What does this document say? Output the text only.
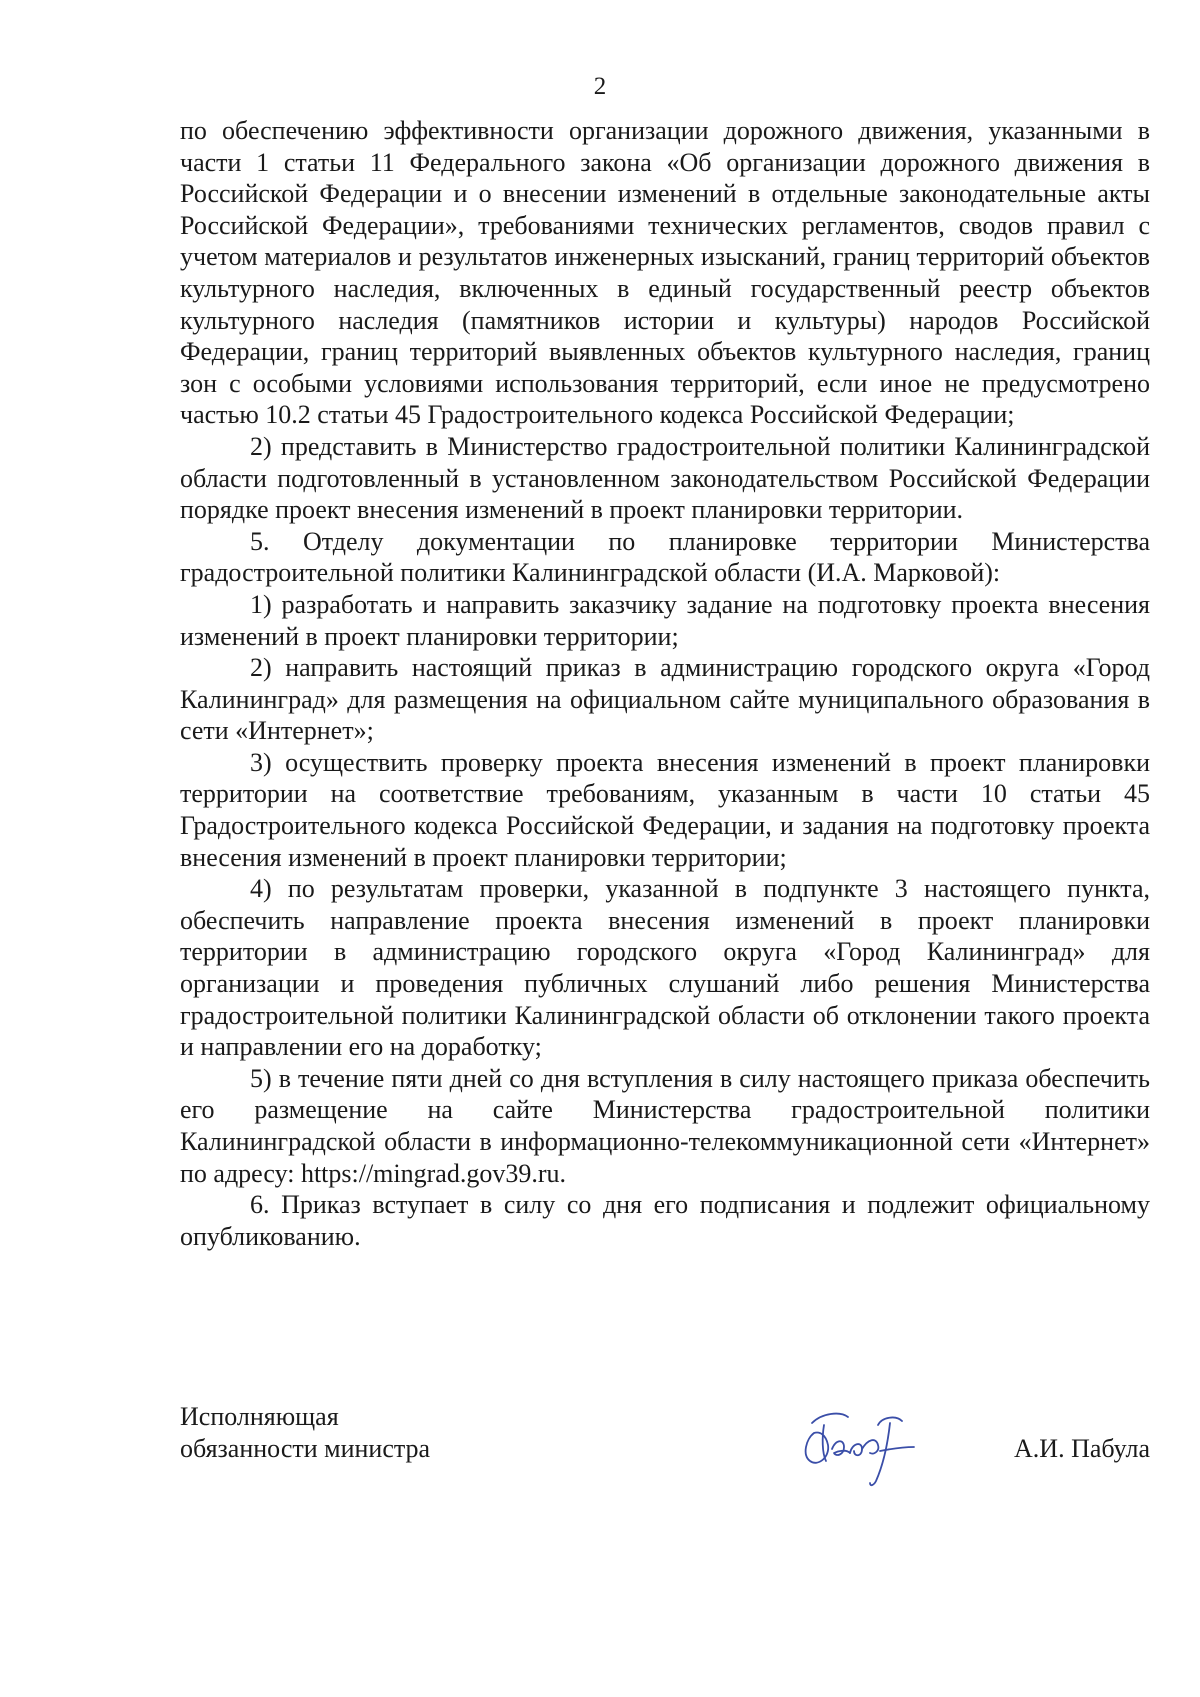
2

по обеспечению эффективности организации дорожного движения, указанными в части 1 статьи 11 Федерального закона «Об организации дорожного движения в Российской Федерации и о внесении изменений в отдельные законодательные акты Российской Федерации», требованиями технических регламентов, сводов правил с учетом материалов и результатов инженерных изысканий, границ территорий объектов культурного наследия, включенных в единый государственный реестр объектов культурного наследия (памятников истории и культуры) народов Российской Федерации, границ территорий выявленных объектов культурного наследия, границ зон с особыми условиями использования территорий, если иное не предусмотрено частью 10.2 статьи 45 Градостроительного кодекса Российской Федерации;

2) представить в Министерство градостроительной политики Калининградской области подготовленный в установленном законодательством Российской Федерации порядке проект внесения изменений в проект планировки территории.

5. Отделу документации по планировке территории Министерства градостроительной политики Калининградской области (И.А. Марковой):

1) разработать и направить заказчику задание на подготовку проекта внесения изменений в проект планировки территории;

2) направить настоящий приказ в администрацию городского округа «Город Калининград» для размещения на официальном сайте муниципального образования в сети «Интернет»;

3) осуществить проверку проекта внесения изменений в проект планировки территории на соответствие требованиям, указанным в части 10 статьи 45 Градостроительного кодекса Российской Федерации, и задания на подготовку проекта внесения изменений в проект планировки территории;

4) по результатам проверки, указанной в подпункте 3 настоящего пункта, обеспечить направление проекта внесения изменений в проект планировки территории в администрацию городского округа «Город Калининград» для организации и проведения публичных слушаний либо решения Министерства градостроительной политики Калининградской области об отклонении такого проекта и направлении его на доработку;

5) в течение пяти дней со дня вступления в силу настоящего приказа обеспечить его размещение на сайте Министерства градостроительной политики Калининградской области в информационно-телекоммуникационной сети «Интернет» по адресу: https://mingrad.gov39.ru.

6. Приказ вступает в силу со дня его подписания и подлежит официальному опубликованию.

Исполняющая
обязанности министра	А.И. Пабула
